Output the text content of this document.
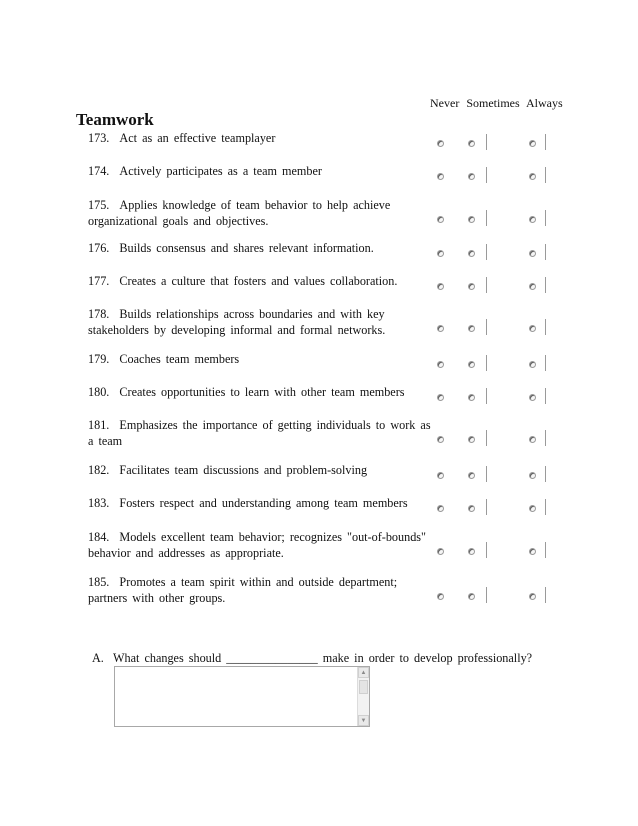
Never Sometimes Always
Teamwork
173. Act as an effective teamplayer
174. Actively participates as a team member
175. Applies knowledge of team behavior to help achieve organizational goals and objectives.
176. Builds consensus and shares relevant information.
177. Creates a culture that fosters and values collaboration.
178. Builds relationships across boundaries and with key stakeholders by developing informal and formal networks.
179. Coaches team members
180. Creates opportunities to learn with other team members
181. Emphasizes the importance of getting individuals to work as a team
182. Facilitates team discussions and problem-solving
183. Fosters respect and understanding among team members
184. Models excellent team behavior; recognizes "out-of-bounds" behavior and addresses as appropriate.
185. Promotes a team spirit within and outside department; partners with other groups.
A. What changes should _______________ make in order to develop professionally?
▲
▼
